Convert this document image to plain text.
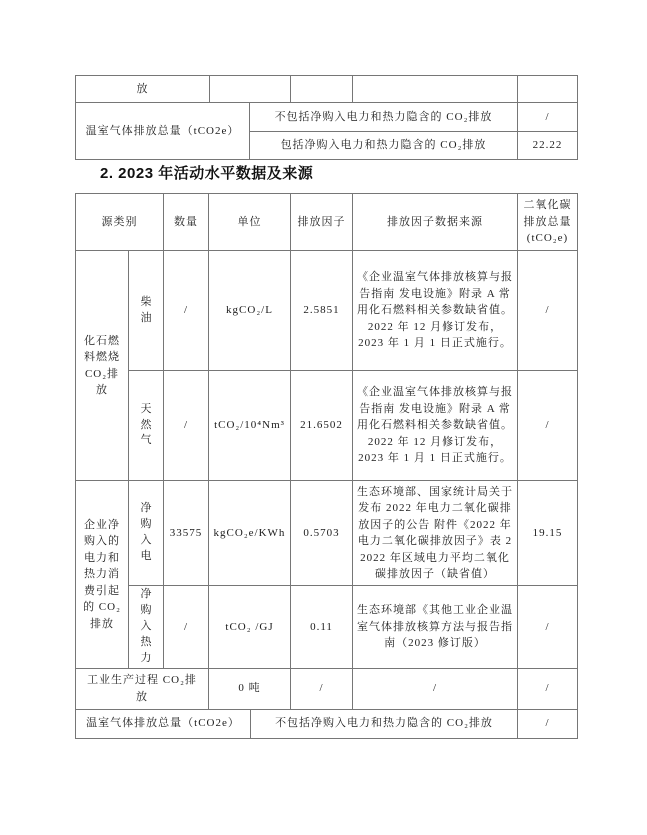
放				
温室气体排放总量（tCO2e）	不包括净购入电力和热力隐含的 CO₂排放	/
	包括净购入电力和热力隐含的 CO₂排放	22.22
2. 2023 年活动水平数据及来源
源类别		数量	单位	排放因子	排放因子数据来源	二氧化碳排放总量(tCO₂e)
化石燃料燃烧CO₂排放	柴油	/	kgCO₂/L	2.5851	《企业温室气体排放核算与报告指南 发电设施》附录 A 常用化石燃料相关参数缺省值。2022 年 12 月修订发布，2023 年 1 月 1 日正式施行。	/
	天然气	/	tCO₂/10⁴Nm³	21.6502	《企业温室气体排放核算与报告指南 发电设施》附录 A 常用化石燃料相关参数缺省值。2022 年 12 月修订发布，2023 年 1 月 1 日正式施行。	/
企业净购入的电力和热力消费引起的 CO₂排放	净购入电	33575	kgCO₂e/KWh	0.5703	生态环境部、国家统计局关于发布 2022 年电力二氧化碳排放因子的公告 附件《2022 年电力二氧化碳排放因子》表 2 2022 年区域电力平均二氧化碳排放因子（缺省值）	19.15
	净购入热力	/	tCO₂ /GJ	0.11	生态环境部《其他工业企业温室气体排放核算方法与报告指南（2023 修订版）	/
工业生产过程 CO₂排放			0 吨	/	/	/
温室气体排放总量（tCO2e）	不包括净购入电力和热力隐含的 CO₂排放	/
